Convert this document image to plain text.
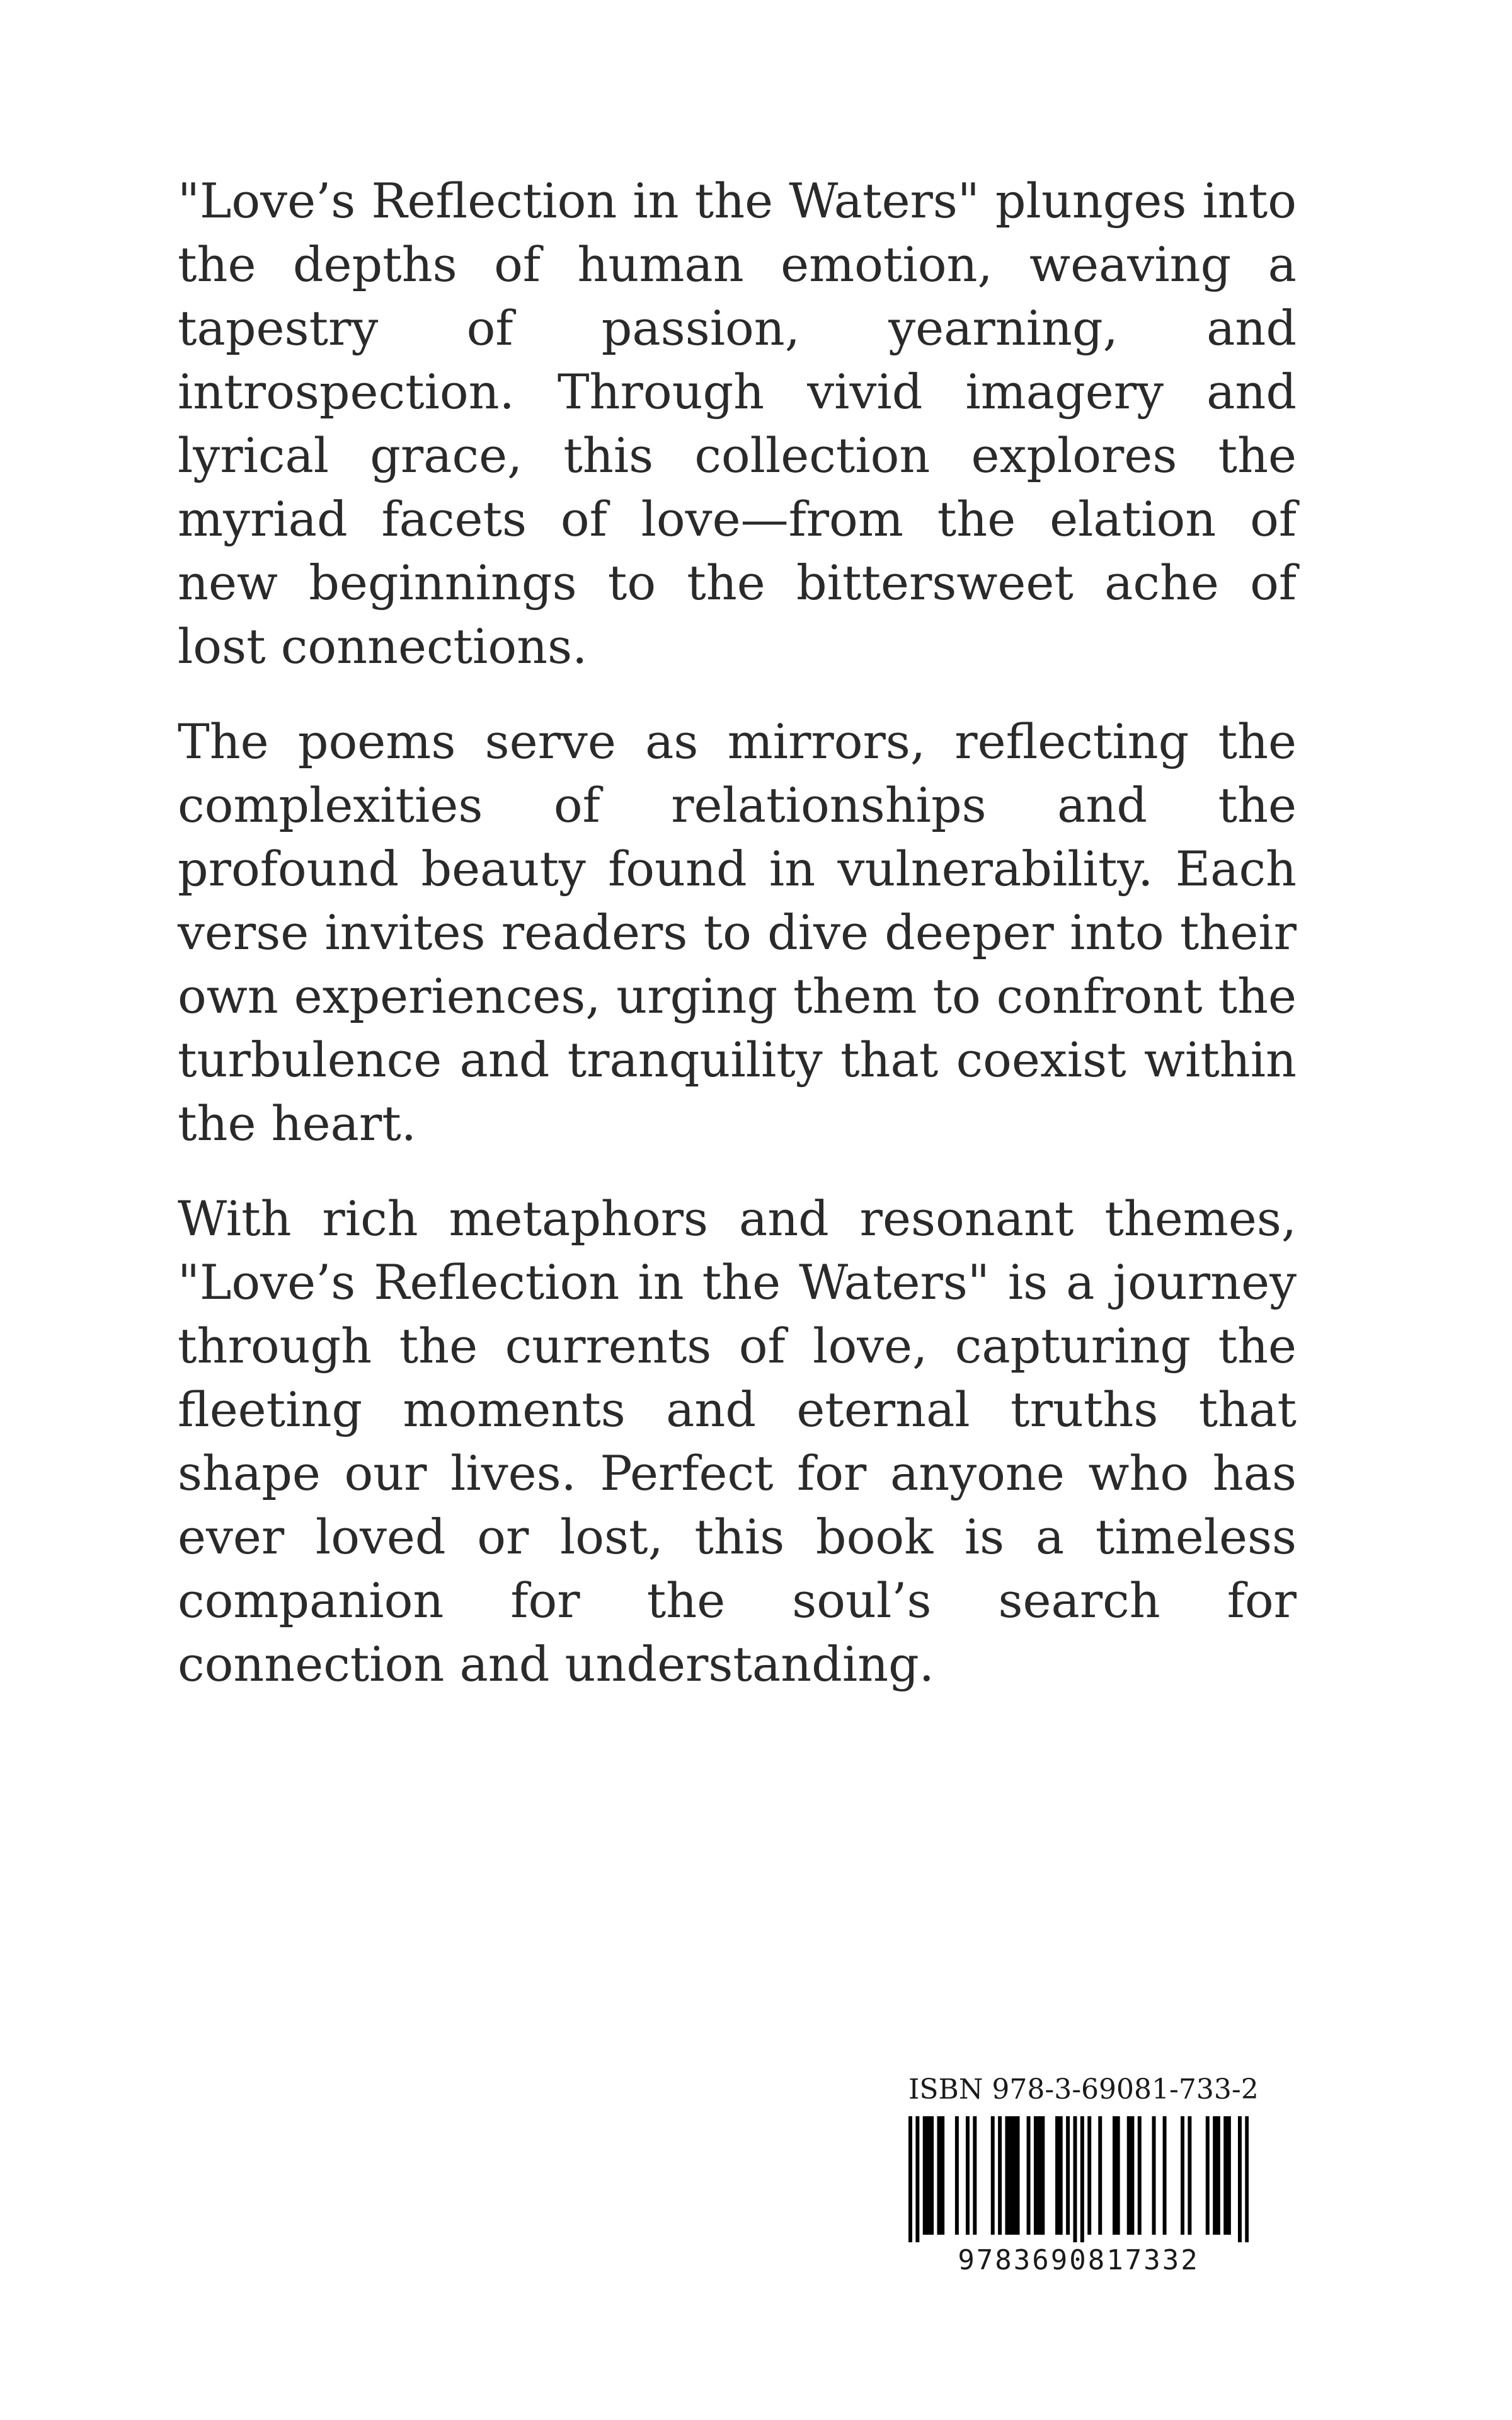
"Love’s Reflection in the Waters" plunges into the depths of human emotion, weaving a tapestry of passion, yearning, and introspection. Through vivid imagery and lyrical grace, this collection explores the myriad facets of love—from the elation of new beginnings to the bittersweet ache of lost connections.

The poems serve as mirrors, reflecting the complexities of relationships and the profound beauty found in vulnerability. Each verse invites readers to dive deeper into their own experiences, urging them to confront the turbulence and tranquility that coexist within the heart.

With rich metaphors and resonant themes, "Love’s Reflection in the Waters" is a journey through the currents of love, capturing the fleeting moments and eternal truths that shape our lives. Perfect for anyone who has ever loved or lost, this book is a timeless companion for the soul’s search for connection and understanding.

ISBN 978-3-69081-733-2
9783690817332
